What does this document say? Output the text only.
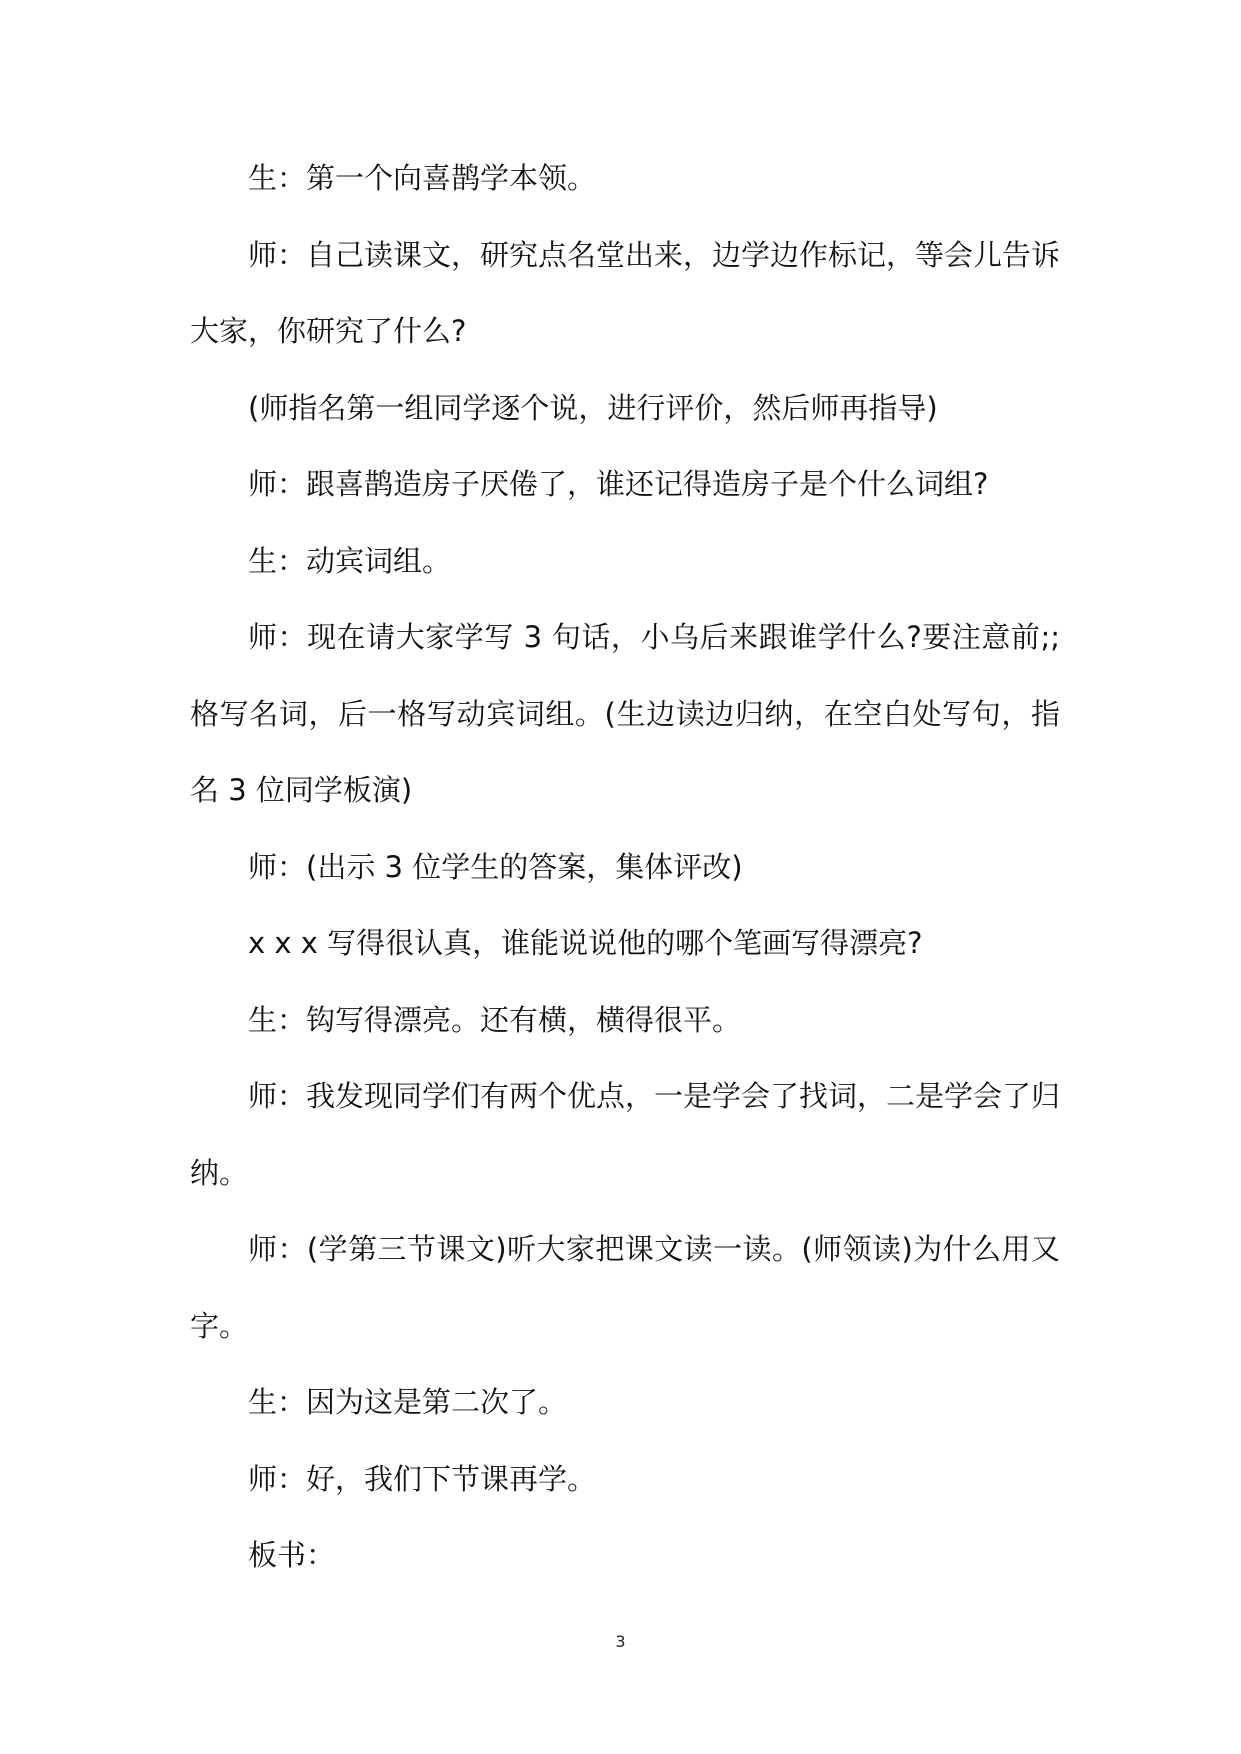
生：第一个向喜鹊学本领。

师：自己读课文，研究点名堂出来，边学边作标记，等会儿告诉大家，你研究了什么?

(师指名第一组同学逐个说，进行评价，然后师再指导)

师：跟喜鹊造房子厌倦了，谁还记得造房子是个什么词组?

生：动宾词组。

师：现在请大家学写 3 句话，小乌后来跟谁学什么?要注意前;;格写名词，后一格写动宾词组。(生边读边归纳，在空白处写句，指名 3 位同学板演)

师：(出示 3 位学生的答案，集体评改)

x x x 写得很认真，谁能说说他的哪个笔画写得漂亮?

生：钩写得漂亮。还有横，横得很平。

师：我发现同学们有两个优点，一是学会了找词，二是学会了归纳。

师：(学第三节课文)听大家把课文读一读。(师领读)为什么用又字。

生：因为这是第二次了。

师：好，我们下节课再学。

板书：

3
